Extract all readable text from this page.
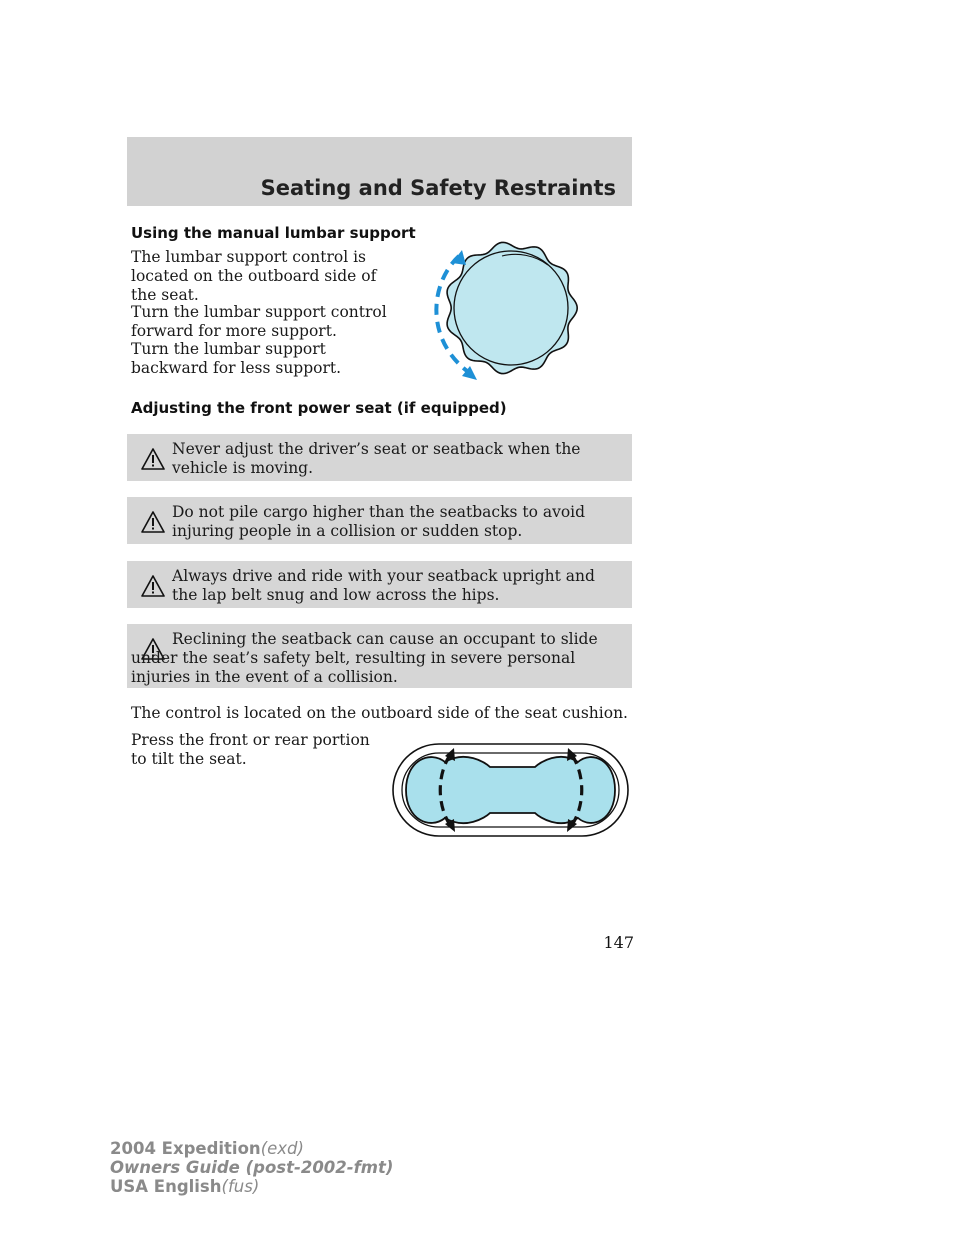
Seating and Safety Restraints
Using the manual lumbar support

The lumbar support control is located on the outboard side of the seat.

Turn the lumbar support control forward for more support.

Turn the lumbar support backward for less support.

Adjusting the front power seat (if equipped)
Never adjust the driver’s seat or seatback when the vehicle is moving.
Do not pile cargo higher than the seatbacks to avoid injuring people in a collision or sudden stop.
Always drive and ride with your seatback upright and the lap belt snug and low across the hips.
Reclining the seatback can cause an occupant to slide under the seat’s safety belt, resulting in severe personal injuries in the event of a collision.

The control is located on the outboard side of the seat cushion.

Press the front or rear portion to tilt the seat.

147
2004 Expedition(exd)
Owners Guide (post-2002-fmt)
USA English(fus)
